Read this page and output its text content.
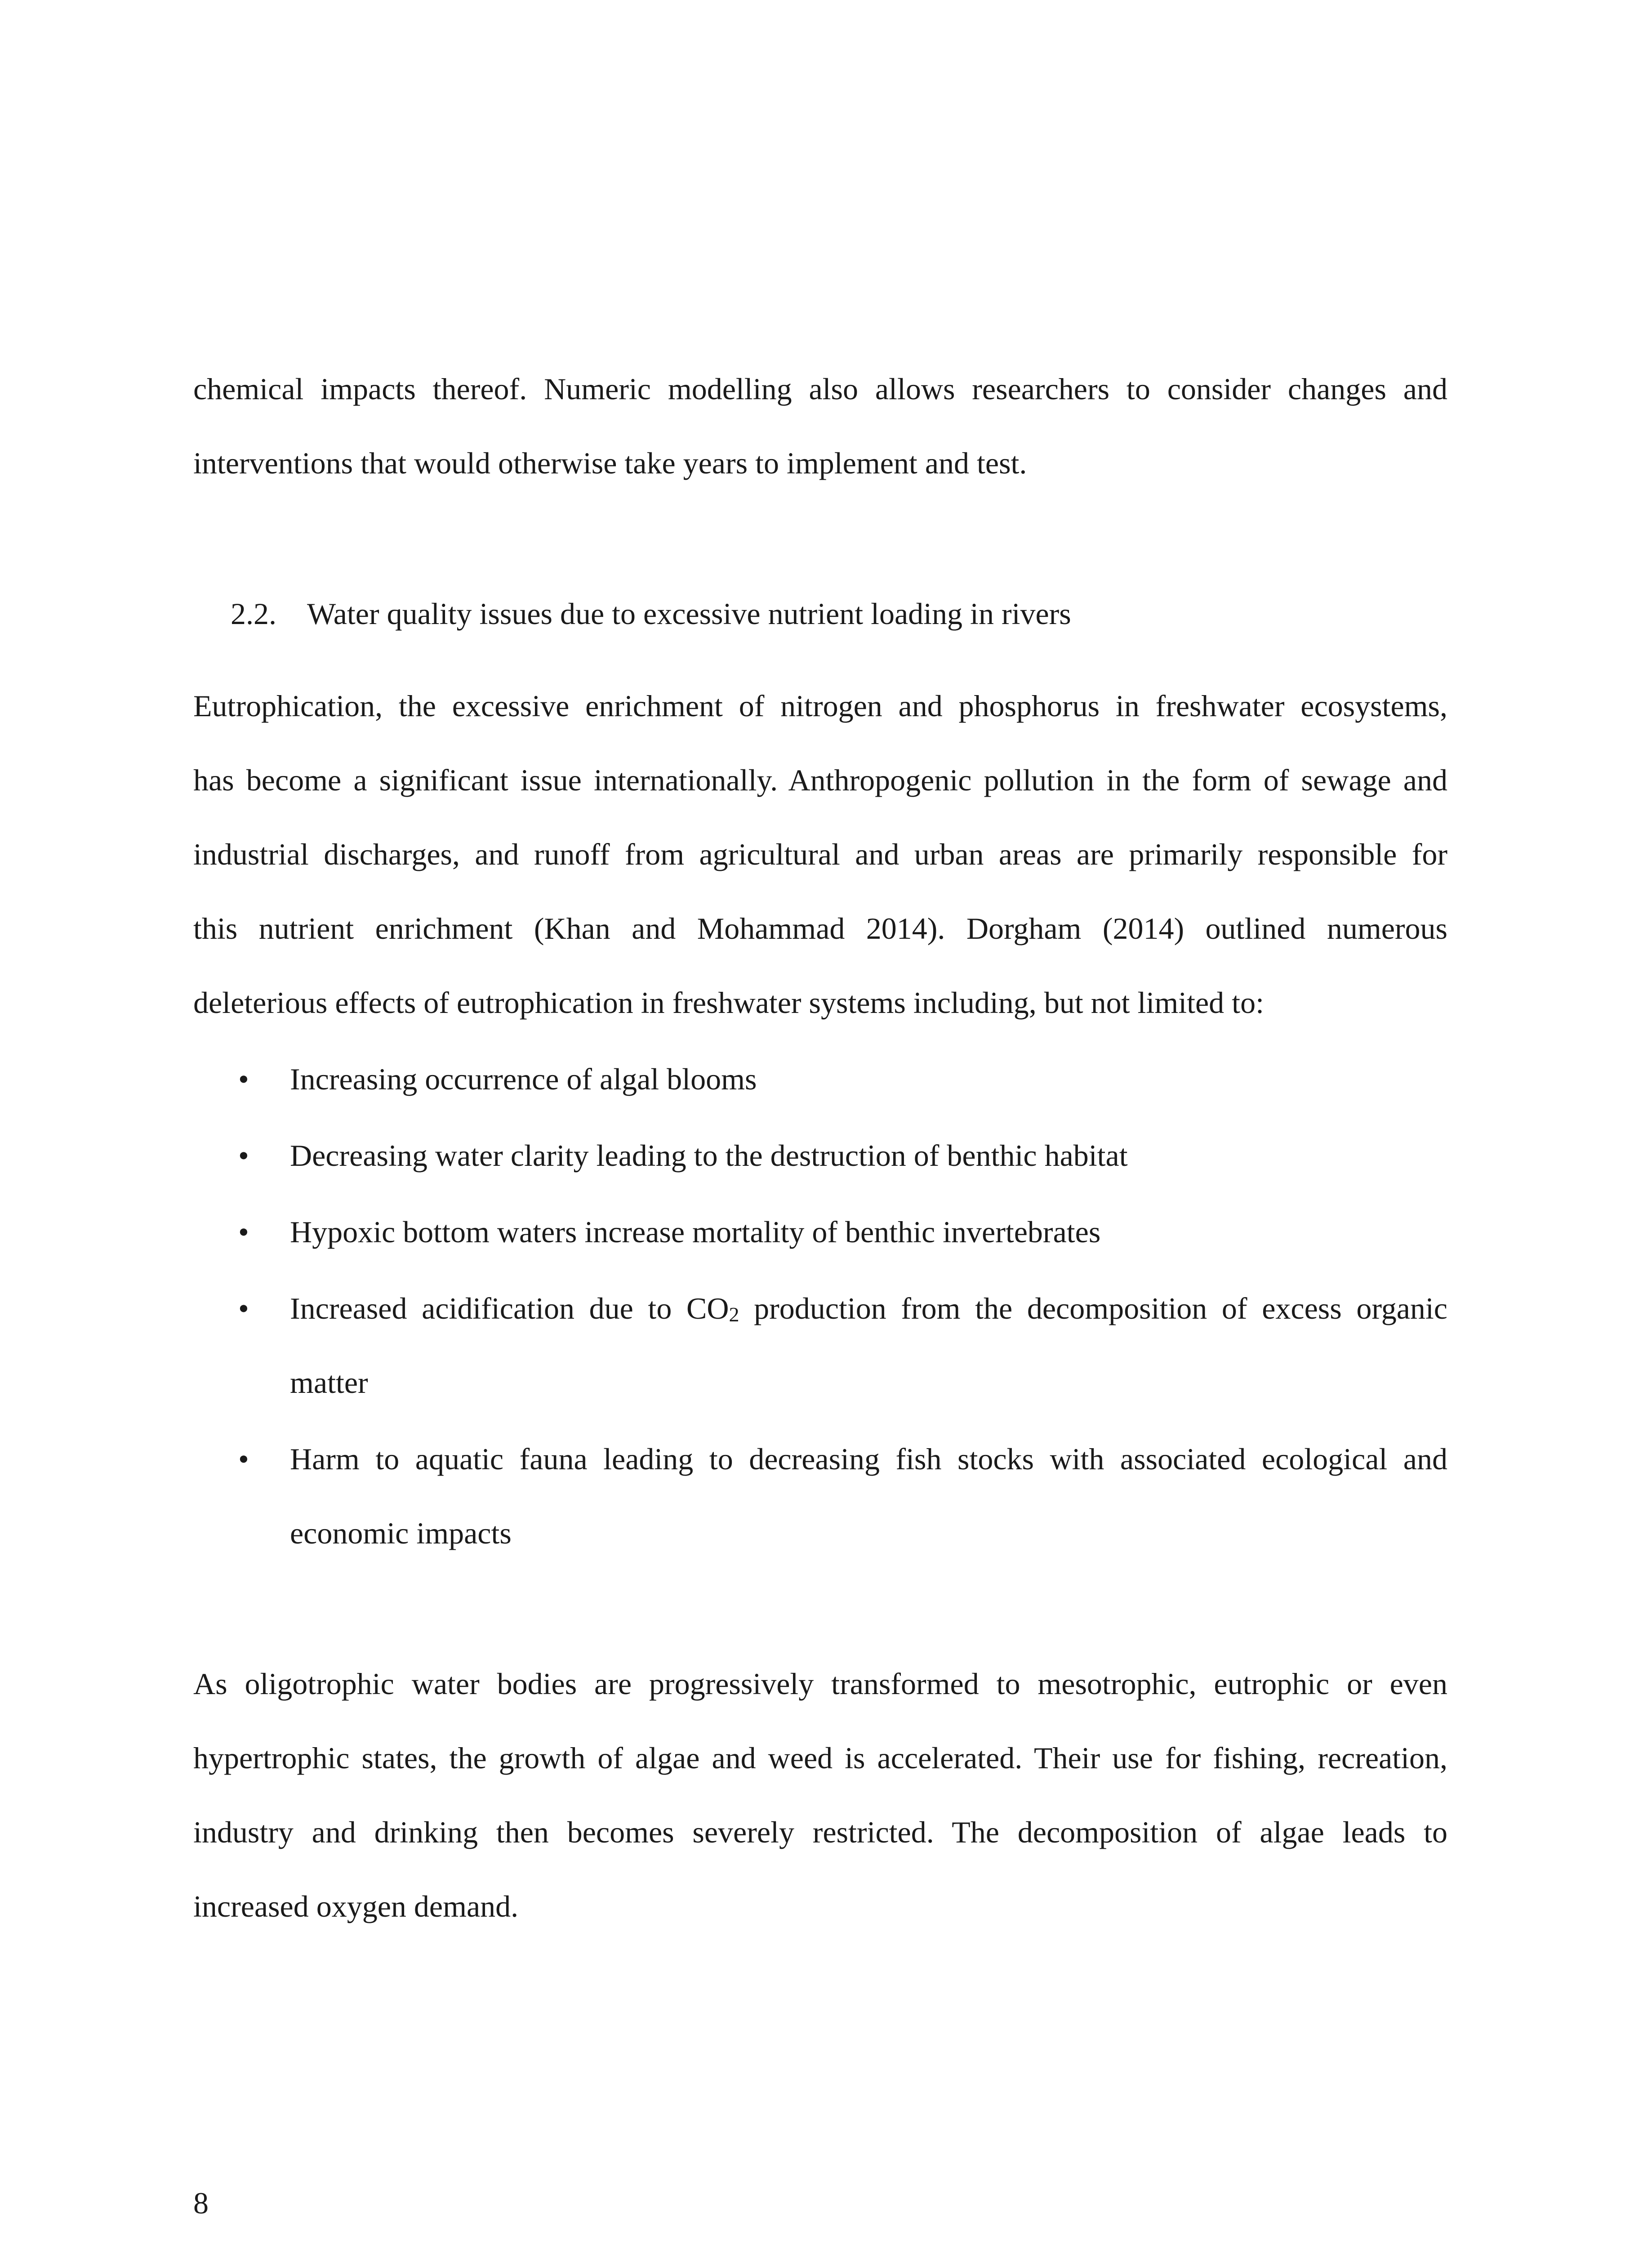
chemical impacts thereof. Numeric modelling also allows researchers to consider changes and
interventions that would otherwise take years to implement and test.
2.2. Water quality issues due to excessive nutrient loading in rivers
Eutrophication, the excessive enrichment of nitrogen and phosphorus in freshwater ecosystems,
has become a significant issue internationally. Anthropogenic pollution in the form of sewage and
industrial discharges, and runoff from agricultural and urban areas are primarily responsible for
this nutrient enrichment (Khan and Mohammad 2014). Dorgham (2014) outlined numerous
deleterious effects of eutrophication in freshwater systems including, but not limited to:
• Increasing occurrence of algal blooms
• Decreasing water clarity leading to the destruction of benthic habitat
• Hypoxic bottom waters increase mortality of benthic invertebrates
• Increased acidification due to $CO_2$ production from the decomposition of excess organic
matter
• Harm to aquatic fauna leading to decreasing fish stocks with associated ecological and
economic impacts
As oligotrophic water bodies are progressively transformed to mesotrophic, eutrophic or even
hypertrophic states, the growth of algae and weed is accelerated. Their use for fishing, recreation,
industry and drinking then becomes severely restricted. The decomposition of algae leads to
increased oxygen demand.
8
